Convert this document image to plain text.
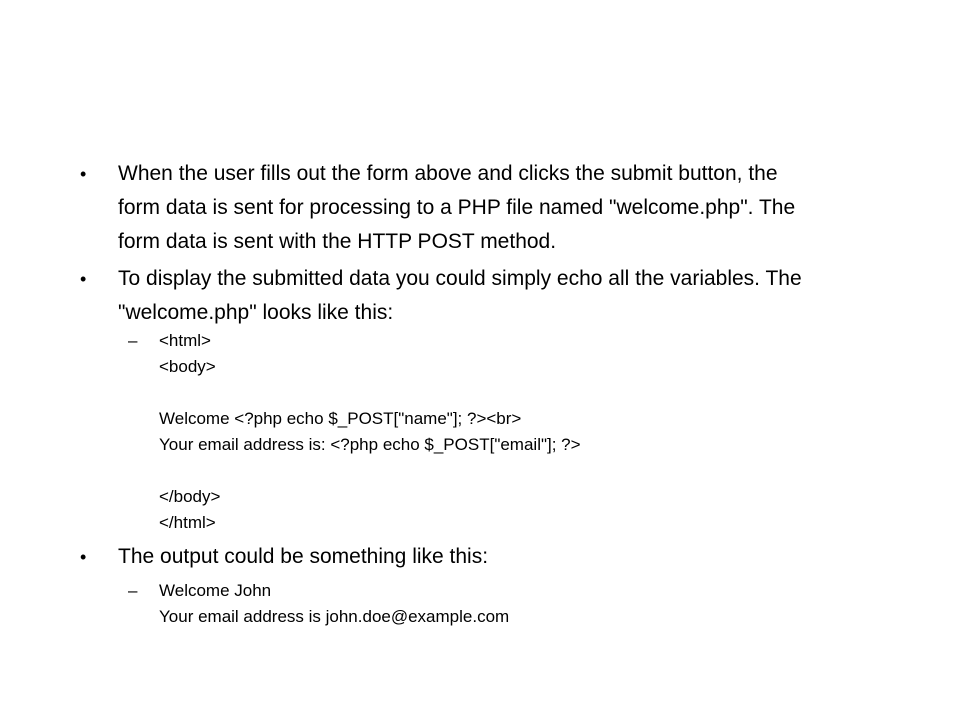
• When the user fills out the form above and clicks the submit button, the
form data is sent for processing to a PHP file named "welcome.php". The
form data is sent with the HTTP POST method.
• To display the submitted data you could simply echo all the variables. The
"welcome.php" looks like this:
– <html>
<body>

Welcome <?php echo $_POST["name"]; ?><br>
Your email address is: <?php echo $_POST["email"]; ?>

</body>
</html>
• The output could be something like this:
– Welcome John
Your email address is john.doe@example.com
